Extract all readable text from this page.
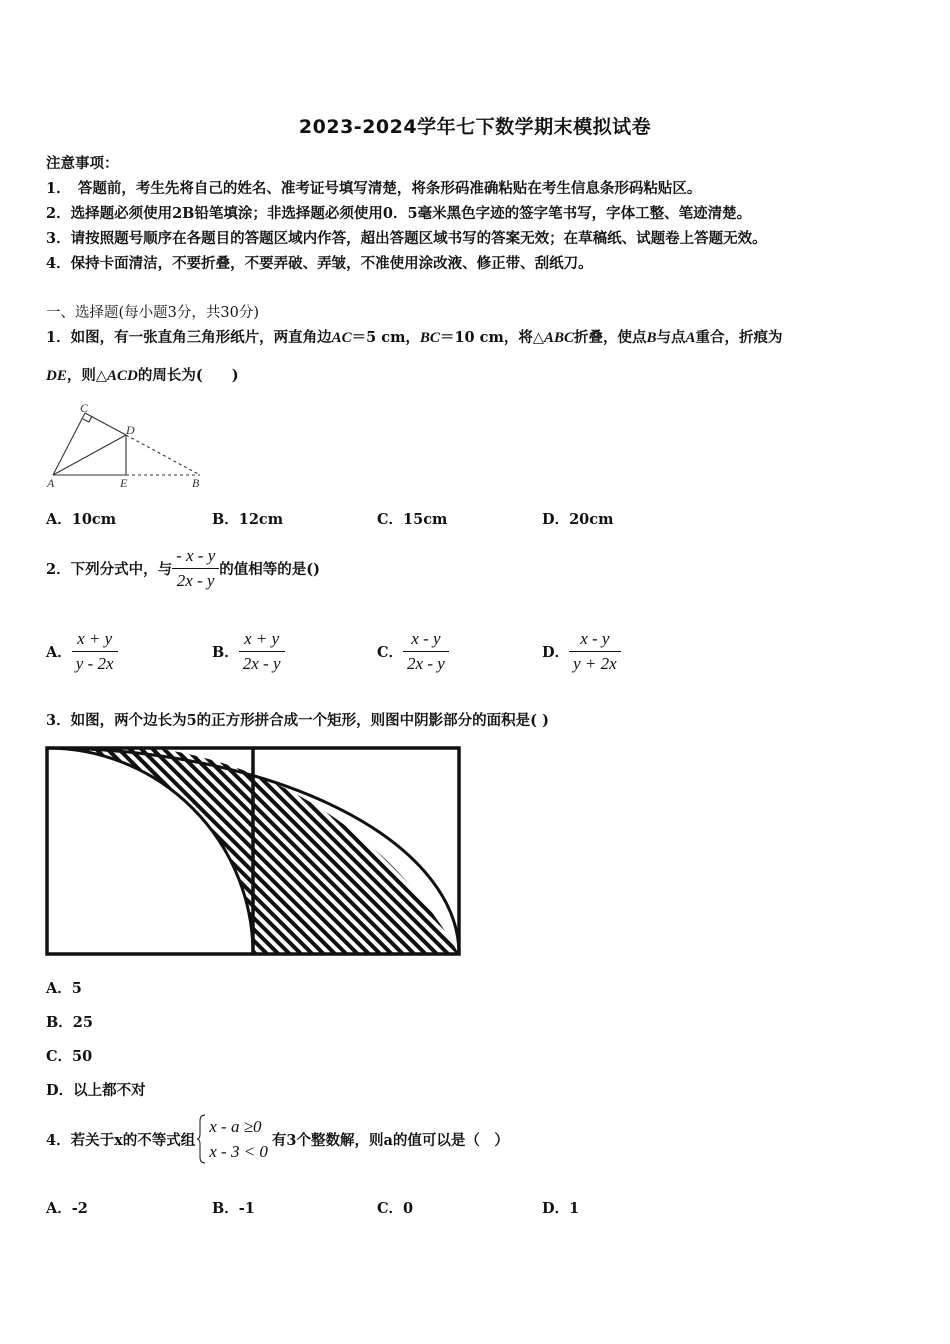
2023-2024学年七下数学期末模拟试卷
注意事项：
1．　答题前，考生先将自己的姓名、准考证号填写清楚，将条形码准确粘贴在考生信息条形码粘贴区。
2．选择题必须使用2B铅笔填涂；非选择题必须使用0．5毫米黑色字迹的签字笔书写，字体工整、笔迹清楚。
3．请按照题号顺序在各题目的答题区域内作答，超出答题区域书写的答案无效；在草稿纸、试题卷上答题无效。
4．保持卡面清洁，不要折叠，不要弄破、弄皱，不准使用涂改液、修正带、刮纸刀。
一、选择题(每小题3分，共30分)
1．如图，有一张直角三角形纸片，两直角边AC＝5 cm，BC＝10 cm，将△ABC折叠，使点B与点A重合，折痕为
DE，则△ACD的周长为(　　)
C
D
A	E	B
A．10cm	B．12cm	C．15cm	D．20cm
2．下列分式中，与 $\frac{- x - y}{2x - y}$ 的值相等的是()
A． $\frac{x + y}{y - 2x}$	B． $\frac{x + y}{2x - y}$	C． $\frac{x - y}{2x - y}$	D． $\frac{x - y}{y + 2x}$
3．如图，两个边长为5的正方形拼合成一个矩形，则图中阴影部分的面积是( )
A．5
B．25
C．50
D．以上都不对
4．若关于x的不等式组
x - a ≥0
x - 3 < 0
有3个整数解，则a的值可以是（　）
A．-2	B．-1	C．0	D．1
